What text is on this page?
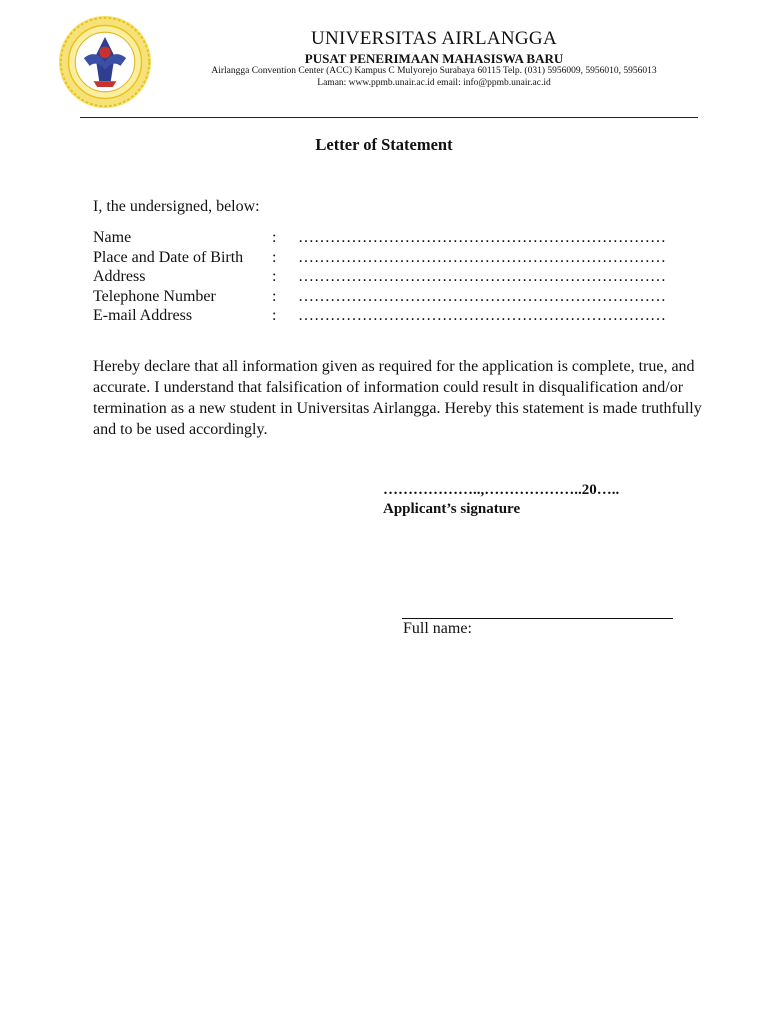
UNIVERSITAS AIRLANGGA
PUSAT PENERIMAAN MAHASISWA BARU
Airlangga Convention Center (ACC) Kampus C Mulyorejo Surabaya 60115 Telp. (031) 5956009, 5956010, 5956013
Laman: www.ppmb.unair.ac.id email: info@ppmb.unair.ac.id
Letter of Statement
I, the undersigned, below:
Name	:	……………………………………………………………
Place and Date of Birth	:	……………………………………………………………
Address	:	……………………………………………………………
Telephone Number	:	……………………………………………………………
E-mail Address	:	……………………………………………………………
Hereby declare that all information given as required for the application is complete, true, and accurate. I understand that falsification of information could result in disqualification and/or termination as a new student in Universitas Airlangga. Hereby this statement is made truthfully and to be used accordingly.
………………..,………………..20…..
Applicant’s signature
Full name:
